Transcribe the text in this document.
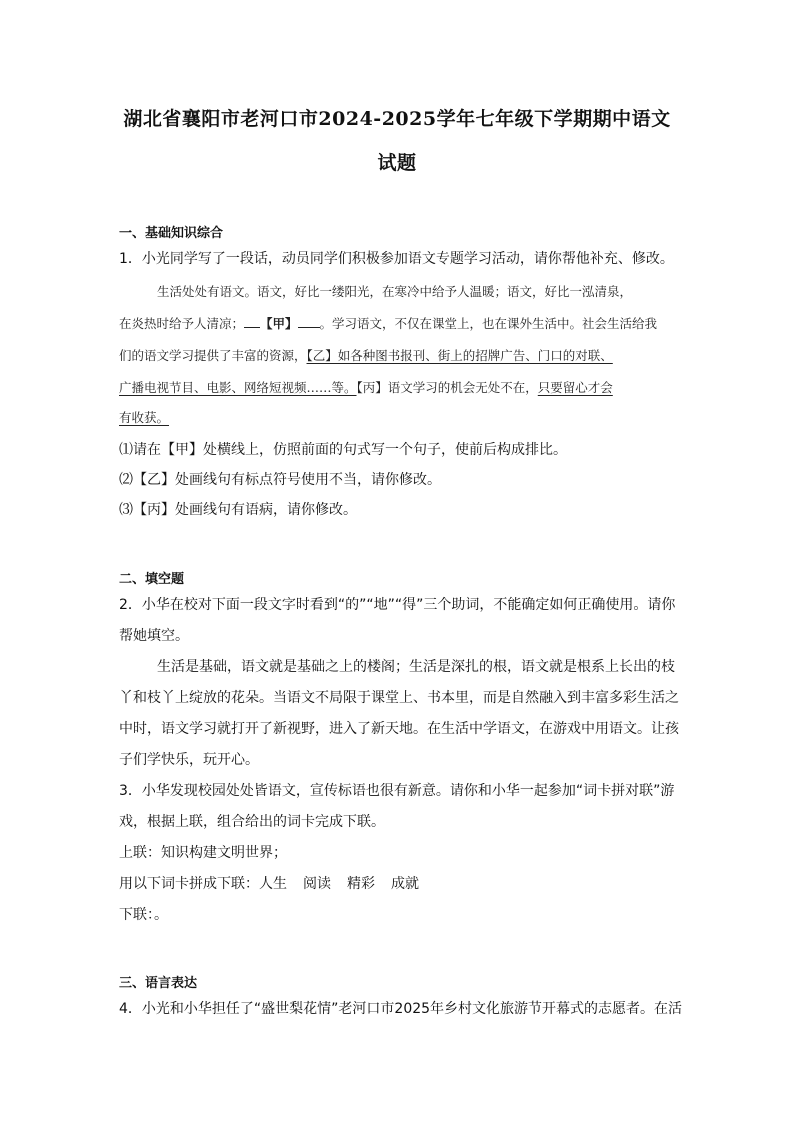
湖北省襄阳市老河口市2024-2025学年七年级下学期期中语文
试题
一、基础知识综合
1．小光同学写了一段话，动员同学们积极参加语文专题学习活动，请你帮他补充、修改。
生活处处有语文。语文，好比一缕阳光，在寒冷中给予人温暖；语文，好比一泓清泉，
在炎热时给予人清凉； 【甲】 。学习语文，不仅在课堂上，也在课外生活中。社会生活给我
们的语文学习提供了丰富的资源，【乙】如各种图书报刊、街上的招牌广告、门口的对联、
广播电视节目、电影、网络短视频……等。【丙】语文学习的机会无处不在，只要留心才会
有收获。
⑴请在【甲】处横线上，仿照前面的句式写一个句子，使前后构成排比。
⑵【乙】处画线句有标点符号使用不当，请你修改。
⑶【丙】处画线句有语病，请你修改。
二、填空题
2．小华在校对下面一段文字时看到“的”“地”“得”三个助词，不能确定如何正确使用。请你
帮她填空。
生活是基础，语文就是基础之上的楼阁；生活是深扎的根，语文就是根系上长出的枝
丫和枝丫上绽放的花朵。当语文不局限于课堂上、书本里，而是自然融入到丰富多彩生活之
中时，语文学习就打开了新视野，进入了新天地。在生活中学语文，在游戏中用语文。让孩
子们学快乐，玩开心。
3．小华发现校园处处皆语文，宣传标语也很有新意。请你和小华一起参加“词卡拼对联”游
戏，根据上联，组合给出的词卡完成下联。
上联：知识构建文明世界；
用以下词卡拼成下联：人生 阅读 精彩 成就
下联：。
三、语言表达
4．小光和小华担任了“盛世梨花情”老河口市2025年乡村文化旅游节开幕式的志愿者。在活
